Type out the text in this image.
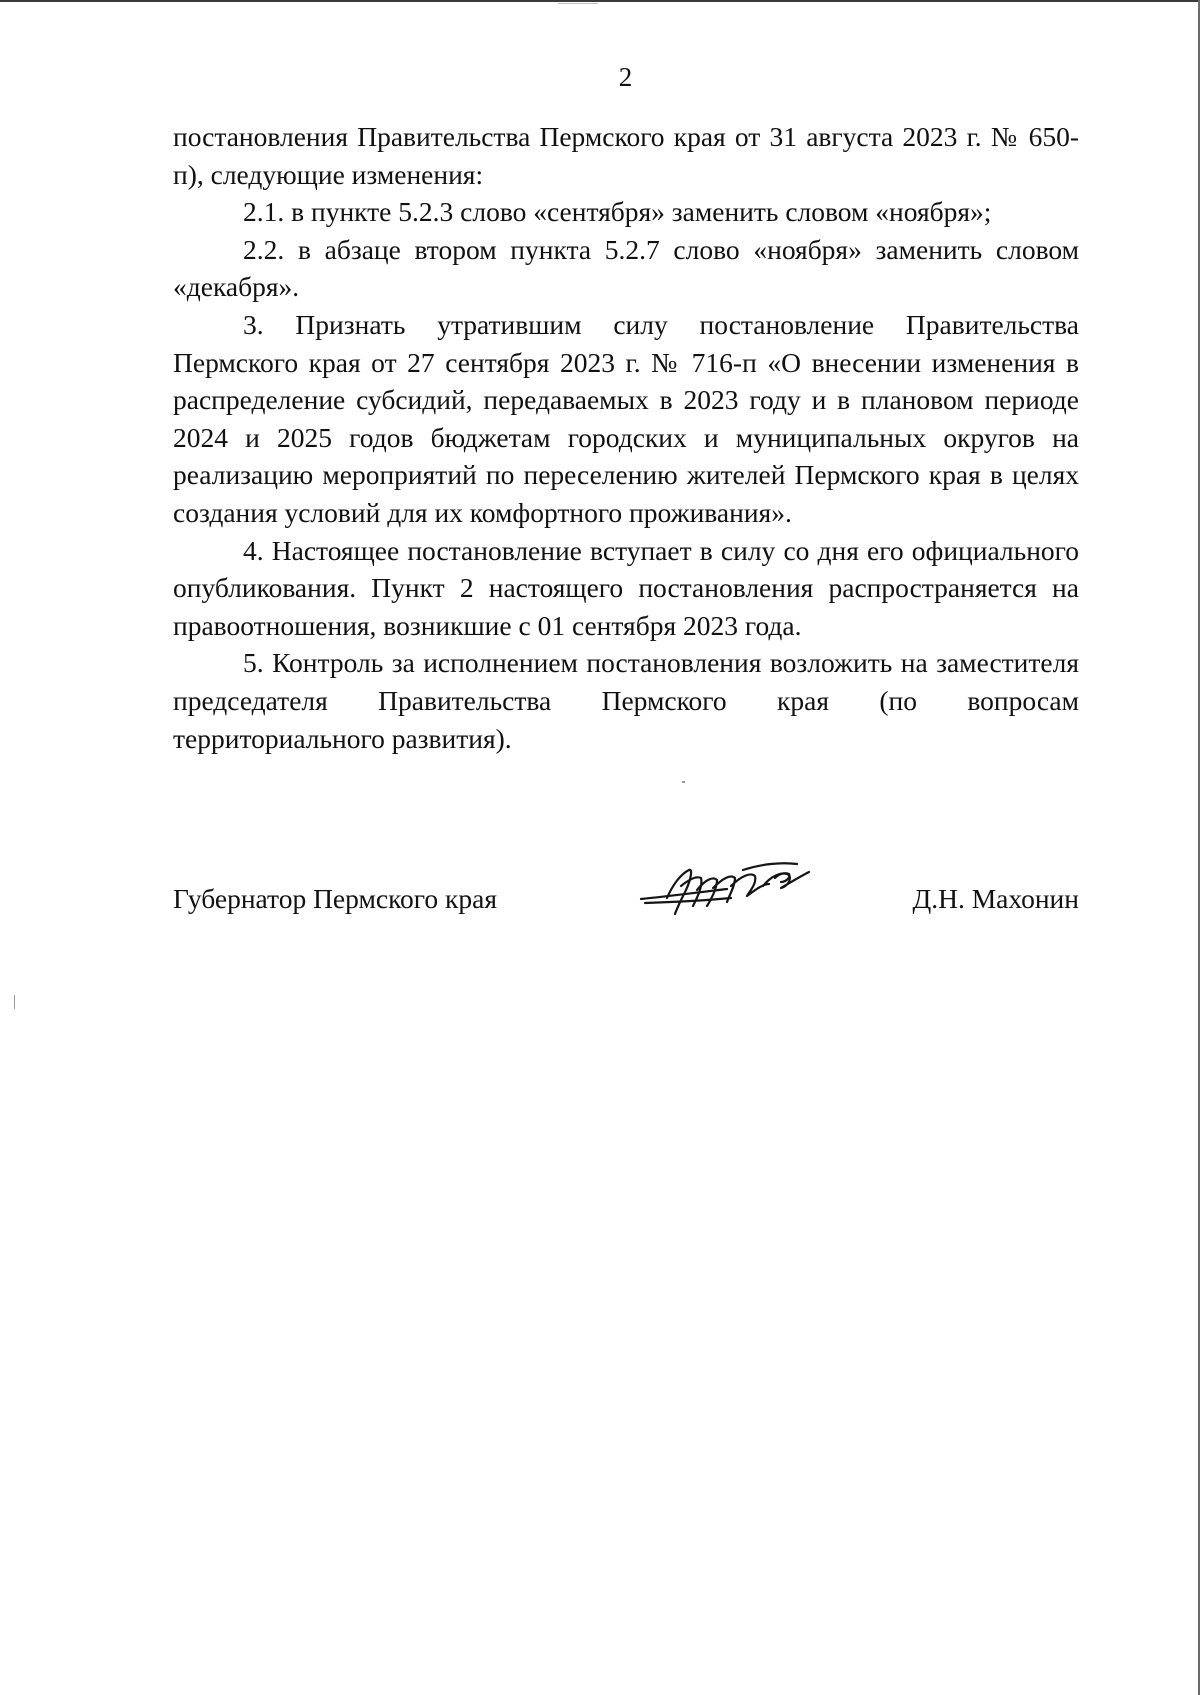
2

постановления Правительства Пермского края от 31 августа 2023 г. № 650-п), следующие изменения:

2.1. в пункте 5.2.3 слово «сентября» заменить словом «ноября»;

2.2. в абзаце втором пункта 5.2.7 слово «ноября» заменить словом «декабря».

3. Признать утратившим силу постановление Правительства Пермского края от 27 сентября 2023 г. № 716-п «О внесении изменения в распределение субсидий, передаваемых в 2023 году и в плановом периоде 2024 и 2025 годов бюджетам городских и муниципальных округов на реализацию мероприятий по переселению жителей Пермского края в целях создания условий для их комфортного проживания».

4. Настоящее постановление вступает в силу со дня его официального опубликования. Пункт 2 настоящего постановления распространяется на правоотношения, возникшие с 01 сентября 2023 года.

5. Контроль за исполнением постановления возложить на заместителя председателя Правительства Пермского края (по вопросам территориального развития).

Губернатор Пермского края	Д.Н. Махонин
